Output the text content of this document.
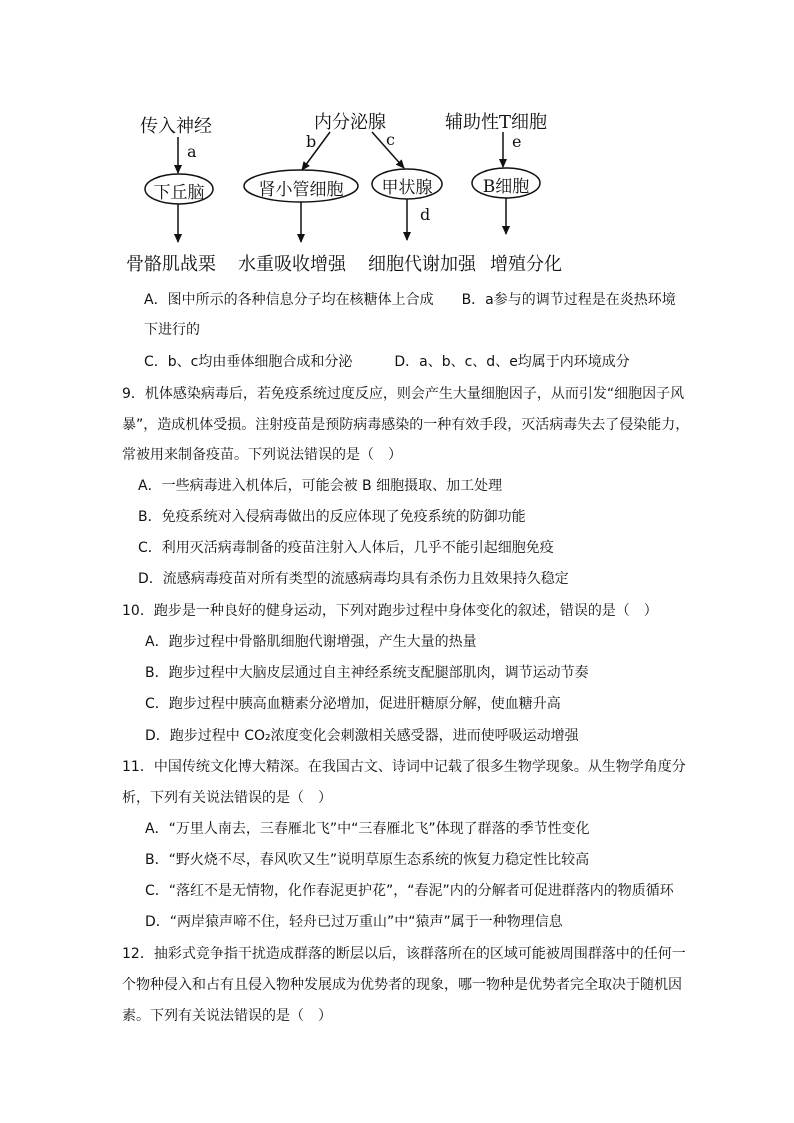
传入神经	内分泌腺	辅助性T细胞
a
b	c
d
e
下丘脑	肾小管细胞	甲状腺	B细胞
骨骼肌战栗 水重吸收增强 细胞代谢加强 增殖分化
A．图中所示的各种信息分子均在核糖体上合成　　B．a参与的调节过程是在炎热环境
下进行的
C．b、c均由垂体细胞合成和分泌　　　D．a、b、c、d、e均属于内环境成分
9．机体感染病毒后，若免疫系统过度反应，则会产生大量细胞因子，从而引发“细胞因子风
暴”，造成机体受损。注射疫苗是预防病毒感染的一种有效手段，灭活病毒失去了侵染能力，
常被用来制备疫苗。下列说法错误的是（　）
A．一些病毒进入机体后，可能会被 B 细胞摄取、加工处理
B．免疫系统对入侵病毒做出的反应体现了免疫系统的防御功能
C．利用灭活病毒制备的疫苗注射入人体后，几乎不能引起细胞免疫
D．流感病毒疫苗对所有类型的流感病毒均具有杀伤力且效果持久稳定
10．跑步是一种良好的健身运动，下列对跑步过程中身体变化的叙述，错误的是（　）
A．跑步过程中骨骼肌细胞代谢增强，产生大量的热量
B．跑步过程中大脑皮层通过自主神经系统支配腿部肌肉，调节运动节奏
C．跑步过程中胰高血糖素分泌增加，促进肝糖原分解，使血糖升高
D．跑步过程中 CO₂浓度变化会刺激相关感受器，进而使呼吸运动增强
11．中国传统文化博大精深。在我国古文、诗词中记载了很多生物学现象。从生物学角度分
析，下列有关说法错误的是（　）
A．“万里人南去，三春雁北飞”中“三春雁北飞”体现了群落的季节性变化
B．“野火烧不尽，春风吹又生”说明草原生态系统的恢复力稳定性比较高
C．“落红不是无情物，化作春泥更护花”，“春泥”内的分解者可促进群落内的物质循环
D．“两岸猿声啼不住，轻舟已过万重山”中“猿声”属于一种物理信息
12．抽彩式竞争指干扰造成群落的断层以后，该群落所在的区域可能被周围群落中的任何一
个物种侵入和占有且侵入物种发展成为优势者的现象，哪一物种是优势者完全取决于随机因
素。下列有关说法错误的是（　）
